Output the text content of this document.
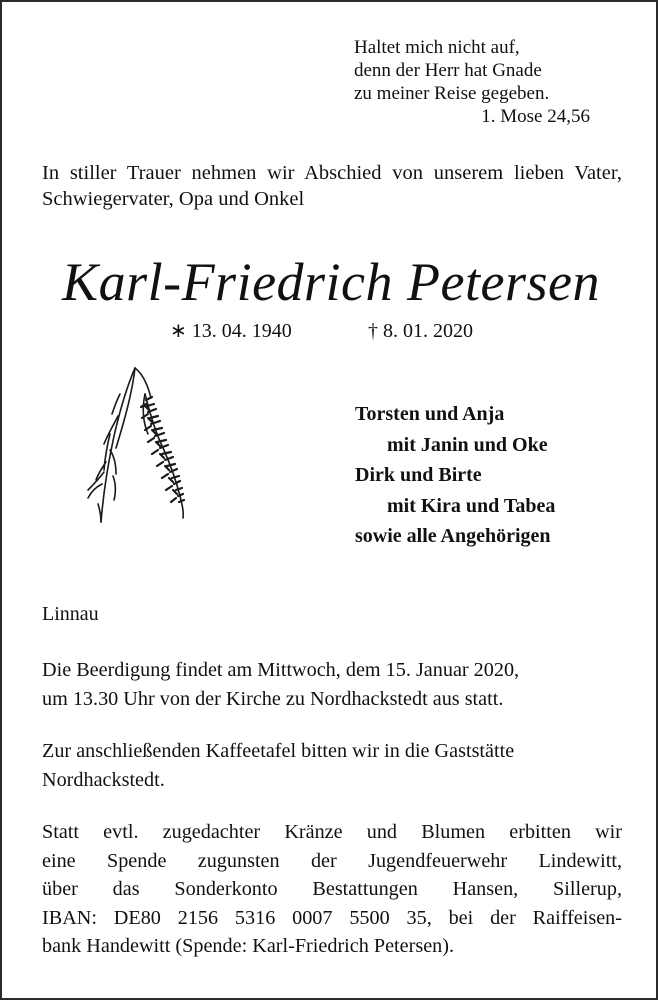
Haltet mich nicht auf,
denn der Herr hat Gnade
zu meiner Reise gegeben.
1. Mose 24,56
In stiller Trauer nehmen wir Abschied von unserem lieben Vater, Schwiegervater, Opa und Onkel
Karl-Friedrich Petersen
∗ 13. 04. 1940	† 8. 01. 2020
Torsten und Anja
mit Janin und Oke
Dirk und Birte
mit Kira und Tabea
sowie alle Angehörigen
Linnau
Die Beerdigung findet am Mittwoch, dem 15. Januar 2020,
um 13.30 Uhr von der Kirche zu Nordhackstedt aus statt.
Zur anschließenden Kaffeetafel bitten wir in die Gaststätte
Nordhackstedt.
Statt evtl. zugedachter Kränze und Blumen erbitten wir
eine Spende zugunsten der Jugendfeuerwehr Lindewitt,
über das Sonderkonto Bestattungen Hansen, Sillerup,
IBAN: DE80 2156 5316 0007 5500 35, bei der Raiffeisen-
bank Handewitt (Spende: Karl-Friedrich Petersen).
